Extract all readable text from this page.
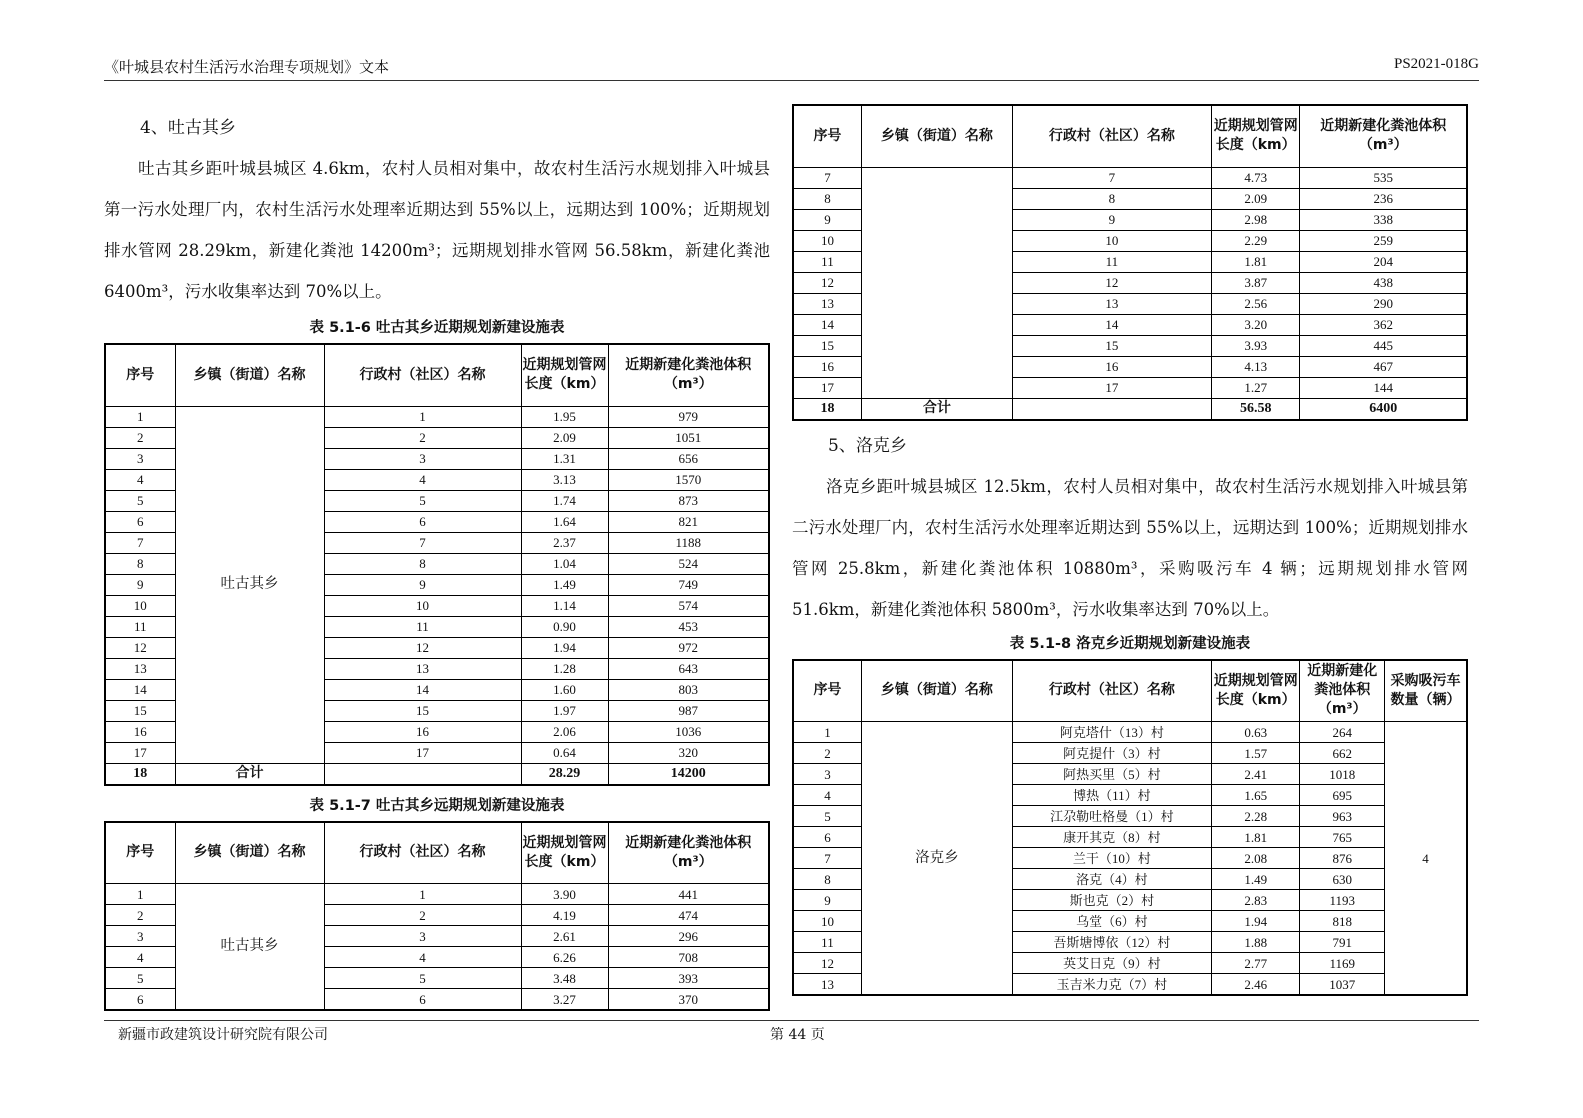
《叶城县农村生活污水治理专项规划》文本	PS2021-018G
4、吐古其乡

吐古其乡距叶城县城区 4.6km，农村人员相对集中，故农村生活污水规划排入叶城县第一污水处理厂内，农村生活污水处理率近期达到 55%以上，远期达到 100%；近期规划排水管网 28.29km，新建化粪池 14200m³；远期规划排水管网 56.58km，新建化粪池 6400m³，污水收集率达到 70%以上。

表 5.1-6 吐古其乡近期规划新建设施表
序号	乡镇（街道）名称	行政村（社区）名称	近期规划管网长度（km）	近期新建化粪池体积（m³）
1	吐古其乡	1	1.95	979
2		2	2.09	1051
3		3	1.31	656
4		4	3.13	1570
5		5	1.74	873
6		6	1.64	821
7		7	2.37	1188
8		8	1.04	524
9		9	1.49	749
10		10	1.14	574
11		11	0.90	453
12		12	1.94	972
13		13	1.28	643
14		14	1.60	803
15		15	1.97	987
16		16	2.06	1036
17		17	0.64	320
18	合计		28.29	14200
表 5.1-7 吐古其乡远期规划新建设施表
序号	乡镇（街道）名称	行政村（社区）名称	近期规划管网长度（km）	近期新建化粪池体积（m³）
1	吐古其乡	1	3.90	441
2		2	4.19	474
3		3	2.61	296
4		4	6.26	708
5		5	3.48	393
6		6	3.27	370
序号	乡镇（街道）名称	行政村（社区）名称	近期规划管网长度（km）	近期新建化粪池体积（m³）
7		7	4.73	535
8		8	2.09	236
9		9	2.98	338
10		10	2.29	259
11		11	1.81	204
12		12	3.87	438
13		13	2.56	290
14		14	3.20	362
15		15	3.93	445
16		16	4.13	467
17		17	1.27	144
18	合计		56.58	6400
5、洛克乡

洛克乡距叶城县城区 12.5km，农村人员相对集中，故农村生活污水规划排入叶城县第二污水处理厂内，农村生活污水处理率近期达到 55%以上，远期达到 100%；近期规划排水管网 25.8km，新建化粪池体积 10880m³，采购吸污车 4 辆；远期规划排水管网 51.6km，新建化粪池体积 5800m³，污水收集率达到 70%以上。

表 5.1-8 洛克乡近期规划新建设施表
序号	乡镇（街道）名称	行政村（社区）名称	近期规划管网长度（km）	近期新建化粪池体积（m³）	采购吸污车数量（辆）
1	洛克乡	阿克塔什（13）村	0.63	264	4
2		阿克提什（3）村	1.57	662	
3		阿热买里（5）村	2.41	1018	
4		博热（11）村	1.65	695	
5		江尕勒吐格曼（1）村	2.28	963	
6		康开其克（8）村	1.81	765	
7		兰干（10）村	2.08	876	
8		洛克（4）村	1.49	630	
9		斯也克（2）村	2.83	1193	
10		乌堂（6）村	1.94	818	
11		吾斯塘博依（12）村	1.88	791	
12		英艾日克（9）村	2.77	1169	
13		玉吉米力克（7）村	2.46	1037	
新疆市政建筑设计研究院有限公司	第 44 页
